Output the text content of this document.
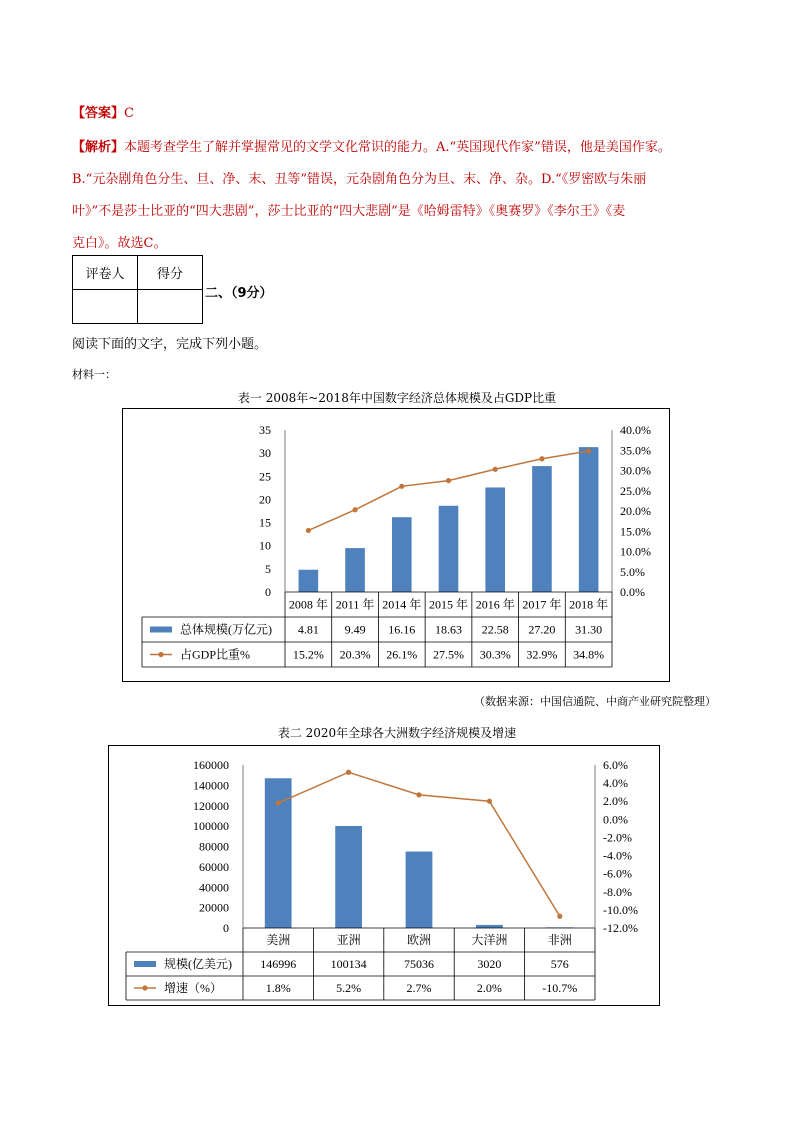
【答案】C
【解析】本题考查学生了解并掌握常见的文学文化常识的能力。A.“英国现代作家”错误，他是美国作家。
B.“元杂剧角色分生、旦、净、末、丑等”错误，元杂剧角色分为旦、末、净、杂。D.“《罗密欧与朱丽
叶》”不是莎士比亚的“四大悲剧”，莎士比亚的“四大悲剧”是《哈姆雷特》《奥赛罗》《李尔王》《麦
克白》。故选C。
评卷人	得分

二、（9分）
阅读下面的文字，完成下列小题。
材料一：
表一 2008年~2018年中国数字经济总体规模及占GDP比重
0
5
10
15
20
25
30
35
0.0%
5.0%
10.0%
15.0%
20.0%
25.0%
30.0%
35.0%
40.0%
2008 年 2011 年 2014 年 2015 年 2016 年 2017 年 2018 年
总体规模(万亿元)
占GDP比重%
4.81 9.49 16.16 18.63 22.58 27.20 31.30
15.2% 20.3% 26.1% 27.5% 30.3% 32.9% 34.8%
（数据来源：中国信通院、中商产业研究院整理）
表二 2020年全球各大洲数字经济规模及增速
0
20000
40000
60000
80000
100000
120000
140000
160000
-12.0%
-10.0%
-8.0%
-6.0%
-4.0%
-2.0%
0.0%
2.0%
4.0%
6.0%
美洲	亚洲	欧洲	大洋洲	非洲
规模(亿美元)
增速（%）
146996	100134	75036	3020	576
1.8%	5.2%	2.7%	2.0%	-10.7%
